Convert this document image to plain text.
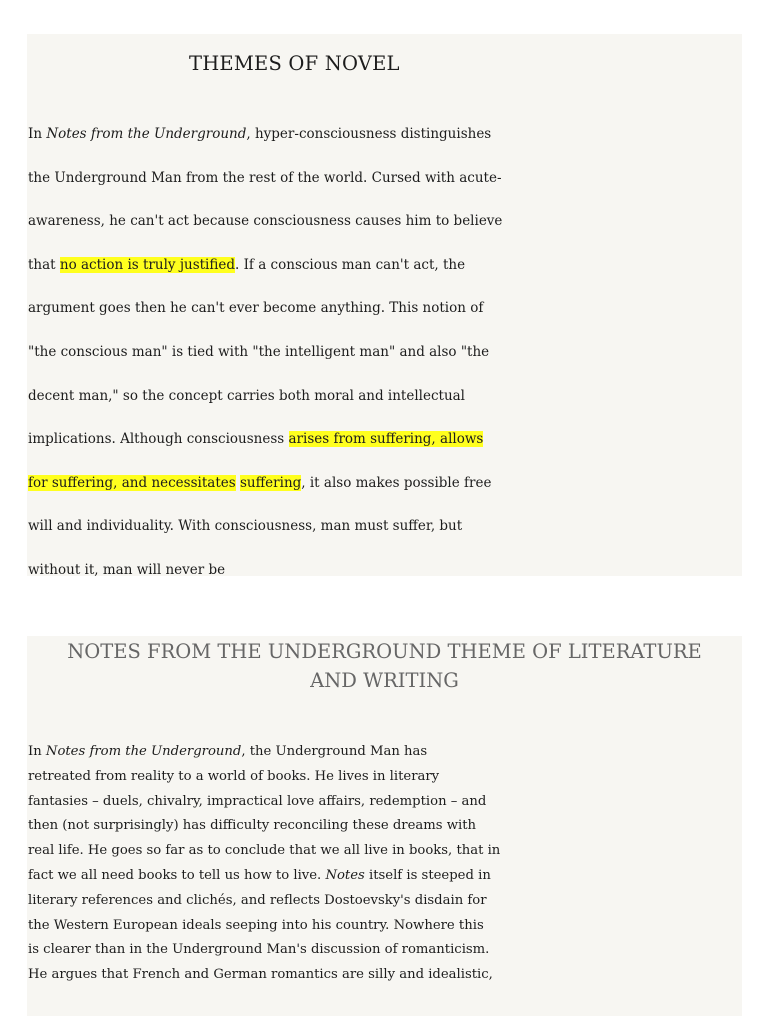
THEMES OF NOVEL

In Notes from the Underground, hyper-consciousness distinguishes
the Underground Man from the rest of the world. Cursed with acute-
awareness, he can't act because consciousness causes him to believe
that no action is truly justified. If a conscious man can't act, the
argument goes then he can't ever become anything. This notion of
"the conscious man" is tied with "the intelligent man" and also "the
decent man," so the concept carries both moral and intellectual
implications. Although consciousness arises from suffering, allows
for suffering, and necessitates suffering, it also makes possible free
will and individuality. With consciousness, man must suffer, but
without it, man will never be

NOTES FROM THE UNDERGROUND THEME OF LITERATURE
AND WRITING

In Notes from the Underground, the Underground Man has
retreated from reality to a world of books. He lives in literary
fantasies – duels, chivalry, impractical love affairs, redemption – and
then (not surprisingly) has difficulty reconciling these dreams with
real life. He goes so far as to conclude that we all live in books, that in
fact we all need books to tell us how to live. Notes itself is steeped in
literary references and clichés, and reflects Dostoevsky's disdain for
the Western European ideals seeping into his country. Nowhere this
is clearer than in the Underground Man's discussion of romanticism.
He argues that French and German romantics are silly and idealistic,
